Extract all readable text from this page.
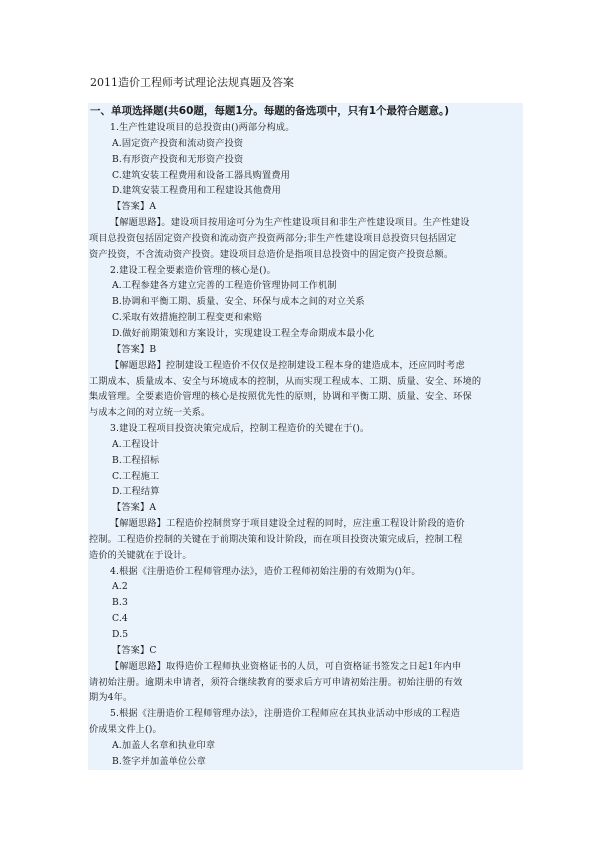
2011造价工程师考试理论法规真题及答案
一、单项选择题(共60题，每题1分。每题的备选项中，只有1个最符合题意。)
1.生产性建设项目的总投资由()两部分构成。
A.固定资产投资和流动资产投资
B.有形资产投资和无形资产投资
C.建筑安装工程费用和设备工器具购置费用
D.建筑安装工程费用和工程建设其他费用
【答案】A
【解题思路】。建设项目按用途可分为生产性建设项目和非生产性建设项目。生产性建设
项目总投资包括固定资产投资和流动资产投资两部分;非生产性建设项目总投资只包括固定
资产投资，不含流动资产投资。建设项目总造价是指项目总投资中的固定资产投资总额。
2.建设工程全要素造价管理的核心是()。
A.工程参建各方建立完善的工程造价管理协同工作机制
B.协调和平衡工期、质量、安全、环保与成本之间的对立关系
C.采取有效措施控制工程变更和索赔
D.做好前期策划和方案设计，实现建设工程全寿命期成本最小化
【答案】B
【解题思路】控制建设工程造价不仅仅是控制建设工程本身的建造成本，还应同时考虑
工期成本、质量成本、安全与环境成本的控制，从而实现工程成本、工期、质量、安全、环境的
集成管理。全要素造价管理的核心是按照优先性的原则，协调和平衡工期、质量、安全、环保
与成本之间的对立统一关系。
3.建设工程项目投资决策完成后，控制工程造价的关键在于()。
A.工程设计
B.工程招标
C.工程施工
D.工程结算
【答案】A
【解题思路】工程造价控制贯穿于项目建设全过程的同时，应注重工程设计阶段的造价
控制。工程造价控制的关键在于前期决策和设计阶段，而在项目投资决策完成后，控制工程
造价的关键就在于设计。
4.根据《注册造价工程师管理办法》，造价工程师初始注册的有效期为()年。
A.2
B.3
C.4
D.5
【答案】C
【解题思路】取得造价工程师执业资格证书的人员，可自资格证书签发之日起1年内申
请初始注册。逾期未申请者，须符合继续教育的要求后方可申请初始注册。初始注册的有效
期为4年。
5.根据《注册造价工程师管理办法》，注册造价工程师应在其执业活动中形成的工程造
价成果文件上()。
A.加盖人名章和执业印章
B.签字并加盖单位公章
